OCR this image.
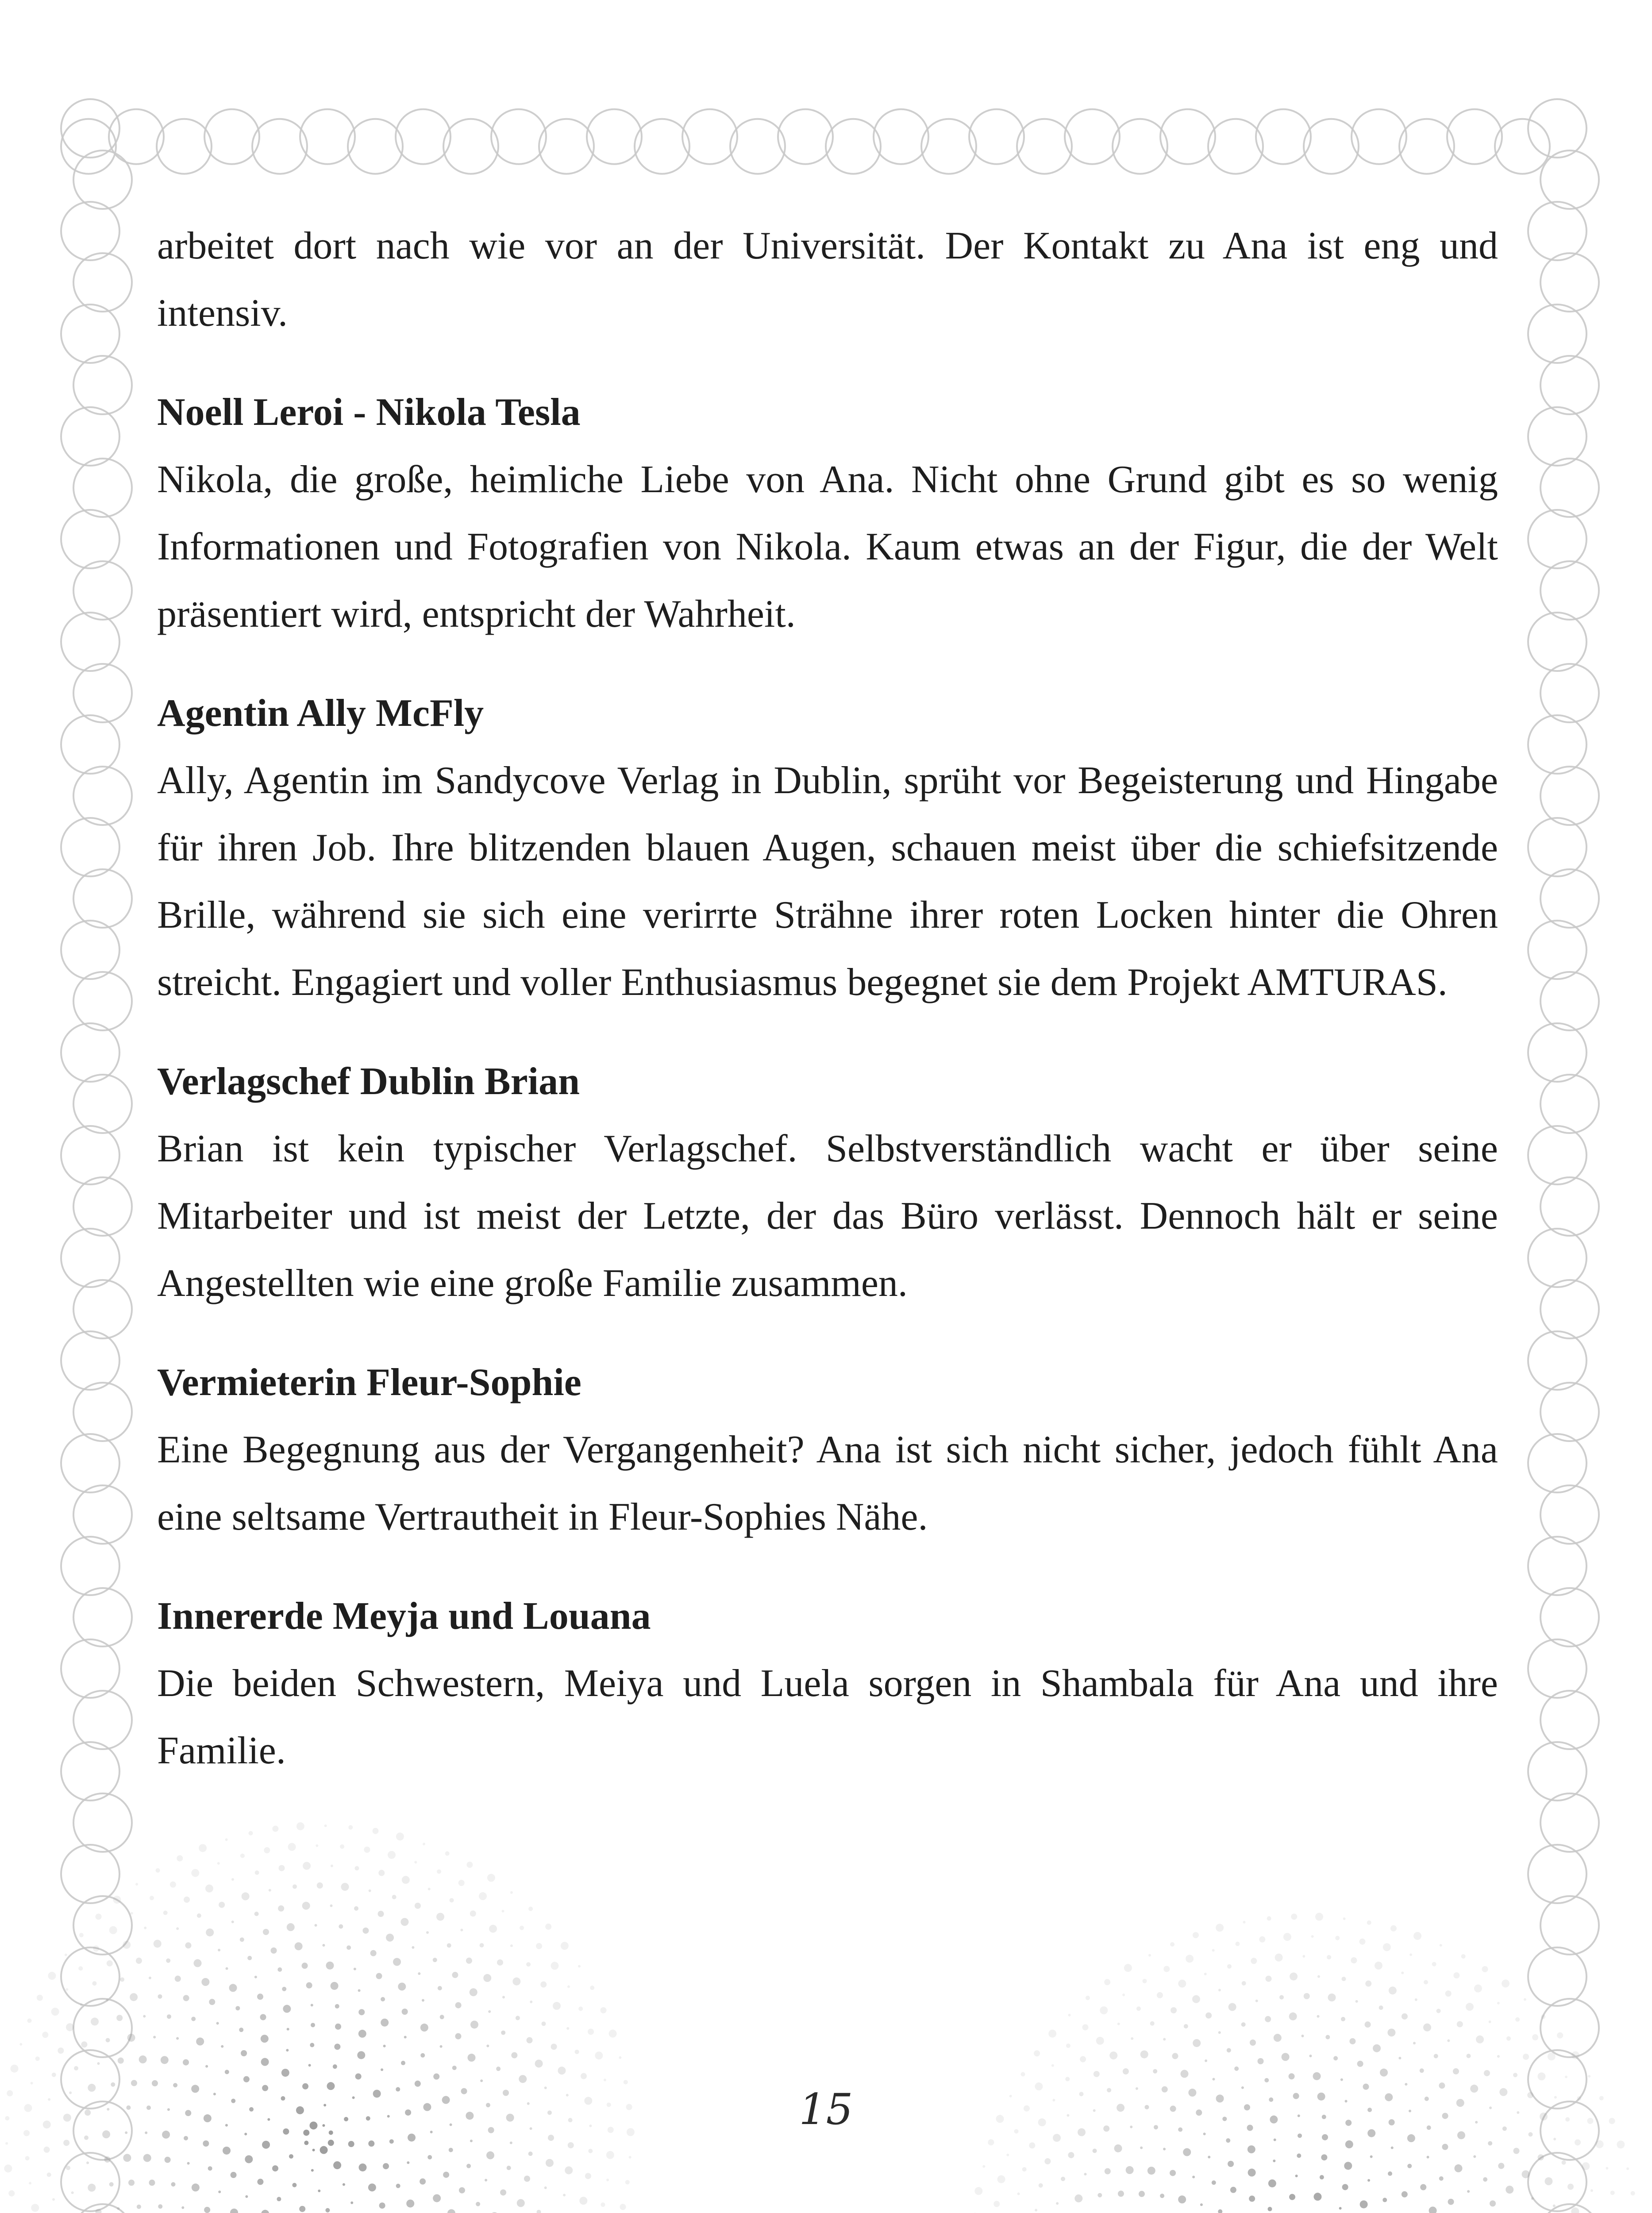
arbeitet dort nach wie vor an der Universität. Der Kontakt zu Ana ist eng und intensiv.

Noell Leroi - Nikola Tesla

Nikola, die große, heimliche Liebe von Ana. Nicht ohne Grund gibt es so wenig Informationen und Fotografien von Nikola. Kaum etwas an der Figur, die der Welt präsentiert wird, entspricht der Wahrheit.

Agentin Ally McFly

Ally, Agentin im Sandycove Verlag in Dublin, sprüht vor Begeisterung und Hingabe für ihren Job. Ihre blitzenden blauen Augen, schauen meist über die schiefsitzende Brille, während sie sich eine verirrte Strähne ihrer roten Locken hinter die Ohren streicht. Engagiert und voller Enthusiasmus begegnet sie dem Projekt AMTURAS.

Verlagschef Dublin Brian

Brian ist kein typischer Verlagschef. Selbstverständlich wacht er über seine Mitarbeiter und ist meist der Letzte, der das Büro verlässt. Dennoch hält er seine Angestellten wie eine große Familie zusammen.

Vermieterin Fleur-Sophie

Eine Begegnung aus der Vergangenheit? Ana ist sich nicht sicher, jedoch fühlt Ana eine seltsame Vertrautheit in Fleur-Sophies Nähe.

Innererde Meyja und Louana

Die beiden Schwestern, Meiya und Luela sorgen in Shambala für Ana und ihre Familie.

15
